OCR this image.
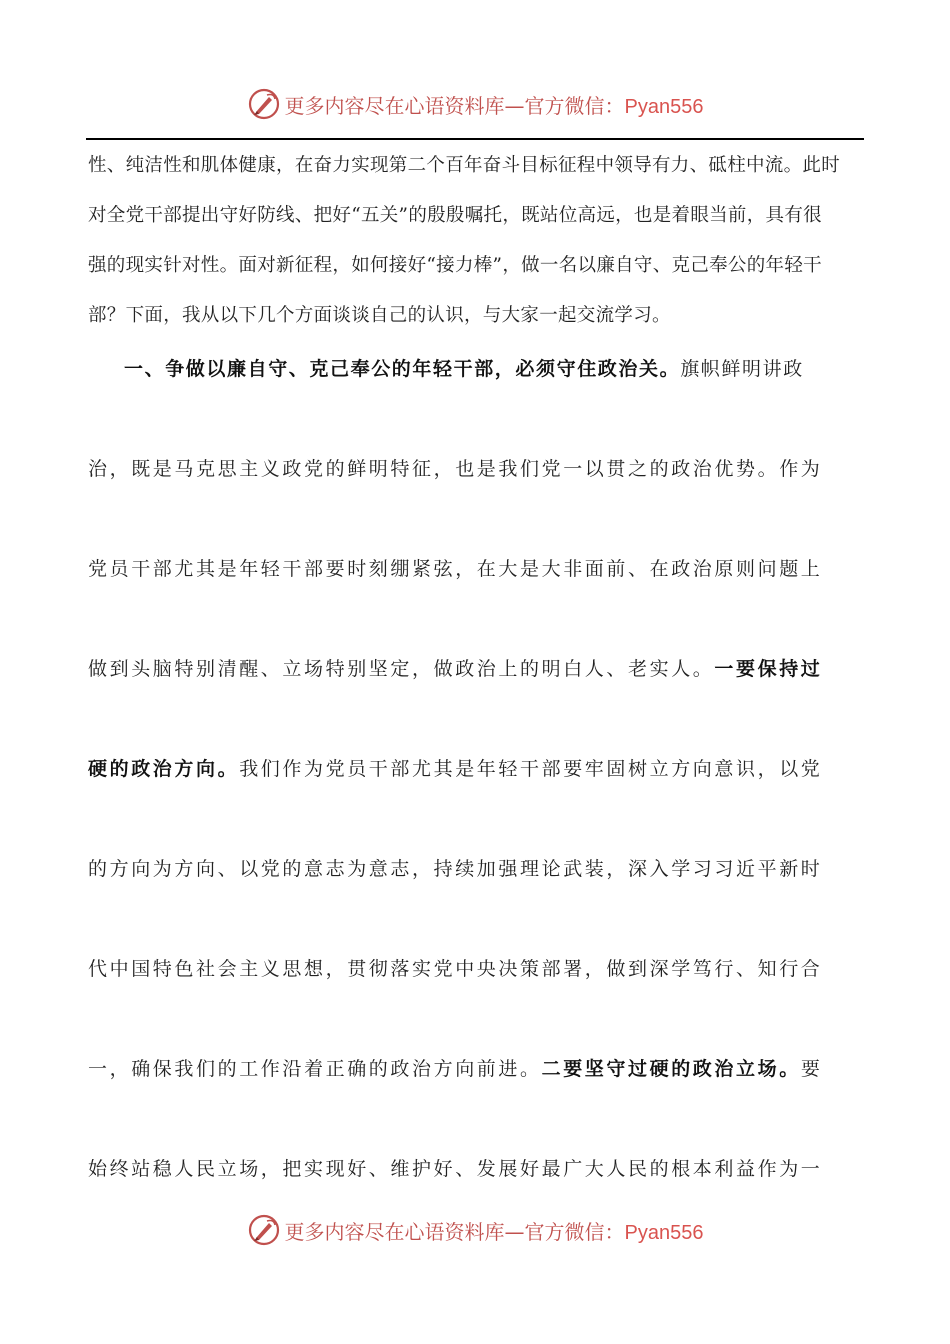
更多内容尽在心语资料库—官方微信：Pyan556
性、纯洁性和肌体健康，在奋力实现第二个百年奋斗目标征程中领导有力、砥柱中流。此时
对全党干部提出守好防线、把好“五关”的殷殷嘱托，既站位高远，也是着眼当前，具有很
强的现实针对性。面对新征程，如何接好“接力棒”，做一名以廉自守、克己奉公的年轻干
部？下面，我从以下几个方面谈谈自己的认识，与大家一起交流学习。
一、争做以廉自守、克己奉公的年轻干部，必须守住政治关。旗帜鲜明讲政
治，既是马克思主义政党的鲜明特征，也是我们党一以贯之的政治优势。作为
党员干部尤其是年轻干部要时刻绷紧弦，在大是大非面前、在政治原则问题上
做到头脑特别清醒、立场特别坚定，做政治上的明白人、老实人。一要保持过
硬的政治方向。我们作为党员干部尤其是年轻干部要牢固树立方向意识，以党
的方向为方向、以党的意志为意志，持续加强理论武装，深入学习习近平新时
代中国特色社会主义思想，贯彻落实党中央决策部署，做到深学笃行、知行合
一，确保我们的工作沿着正确的政治方向前进。二要坚守过硬的政治立场。要
始终站稳人民立场，把实现好、维护好、发展好最广大人民的根本利益作为一
更多内容尽在心语资料库—官方微信：Pyan556
